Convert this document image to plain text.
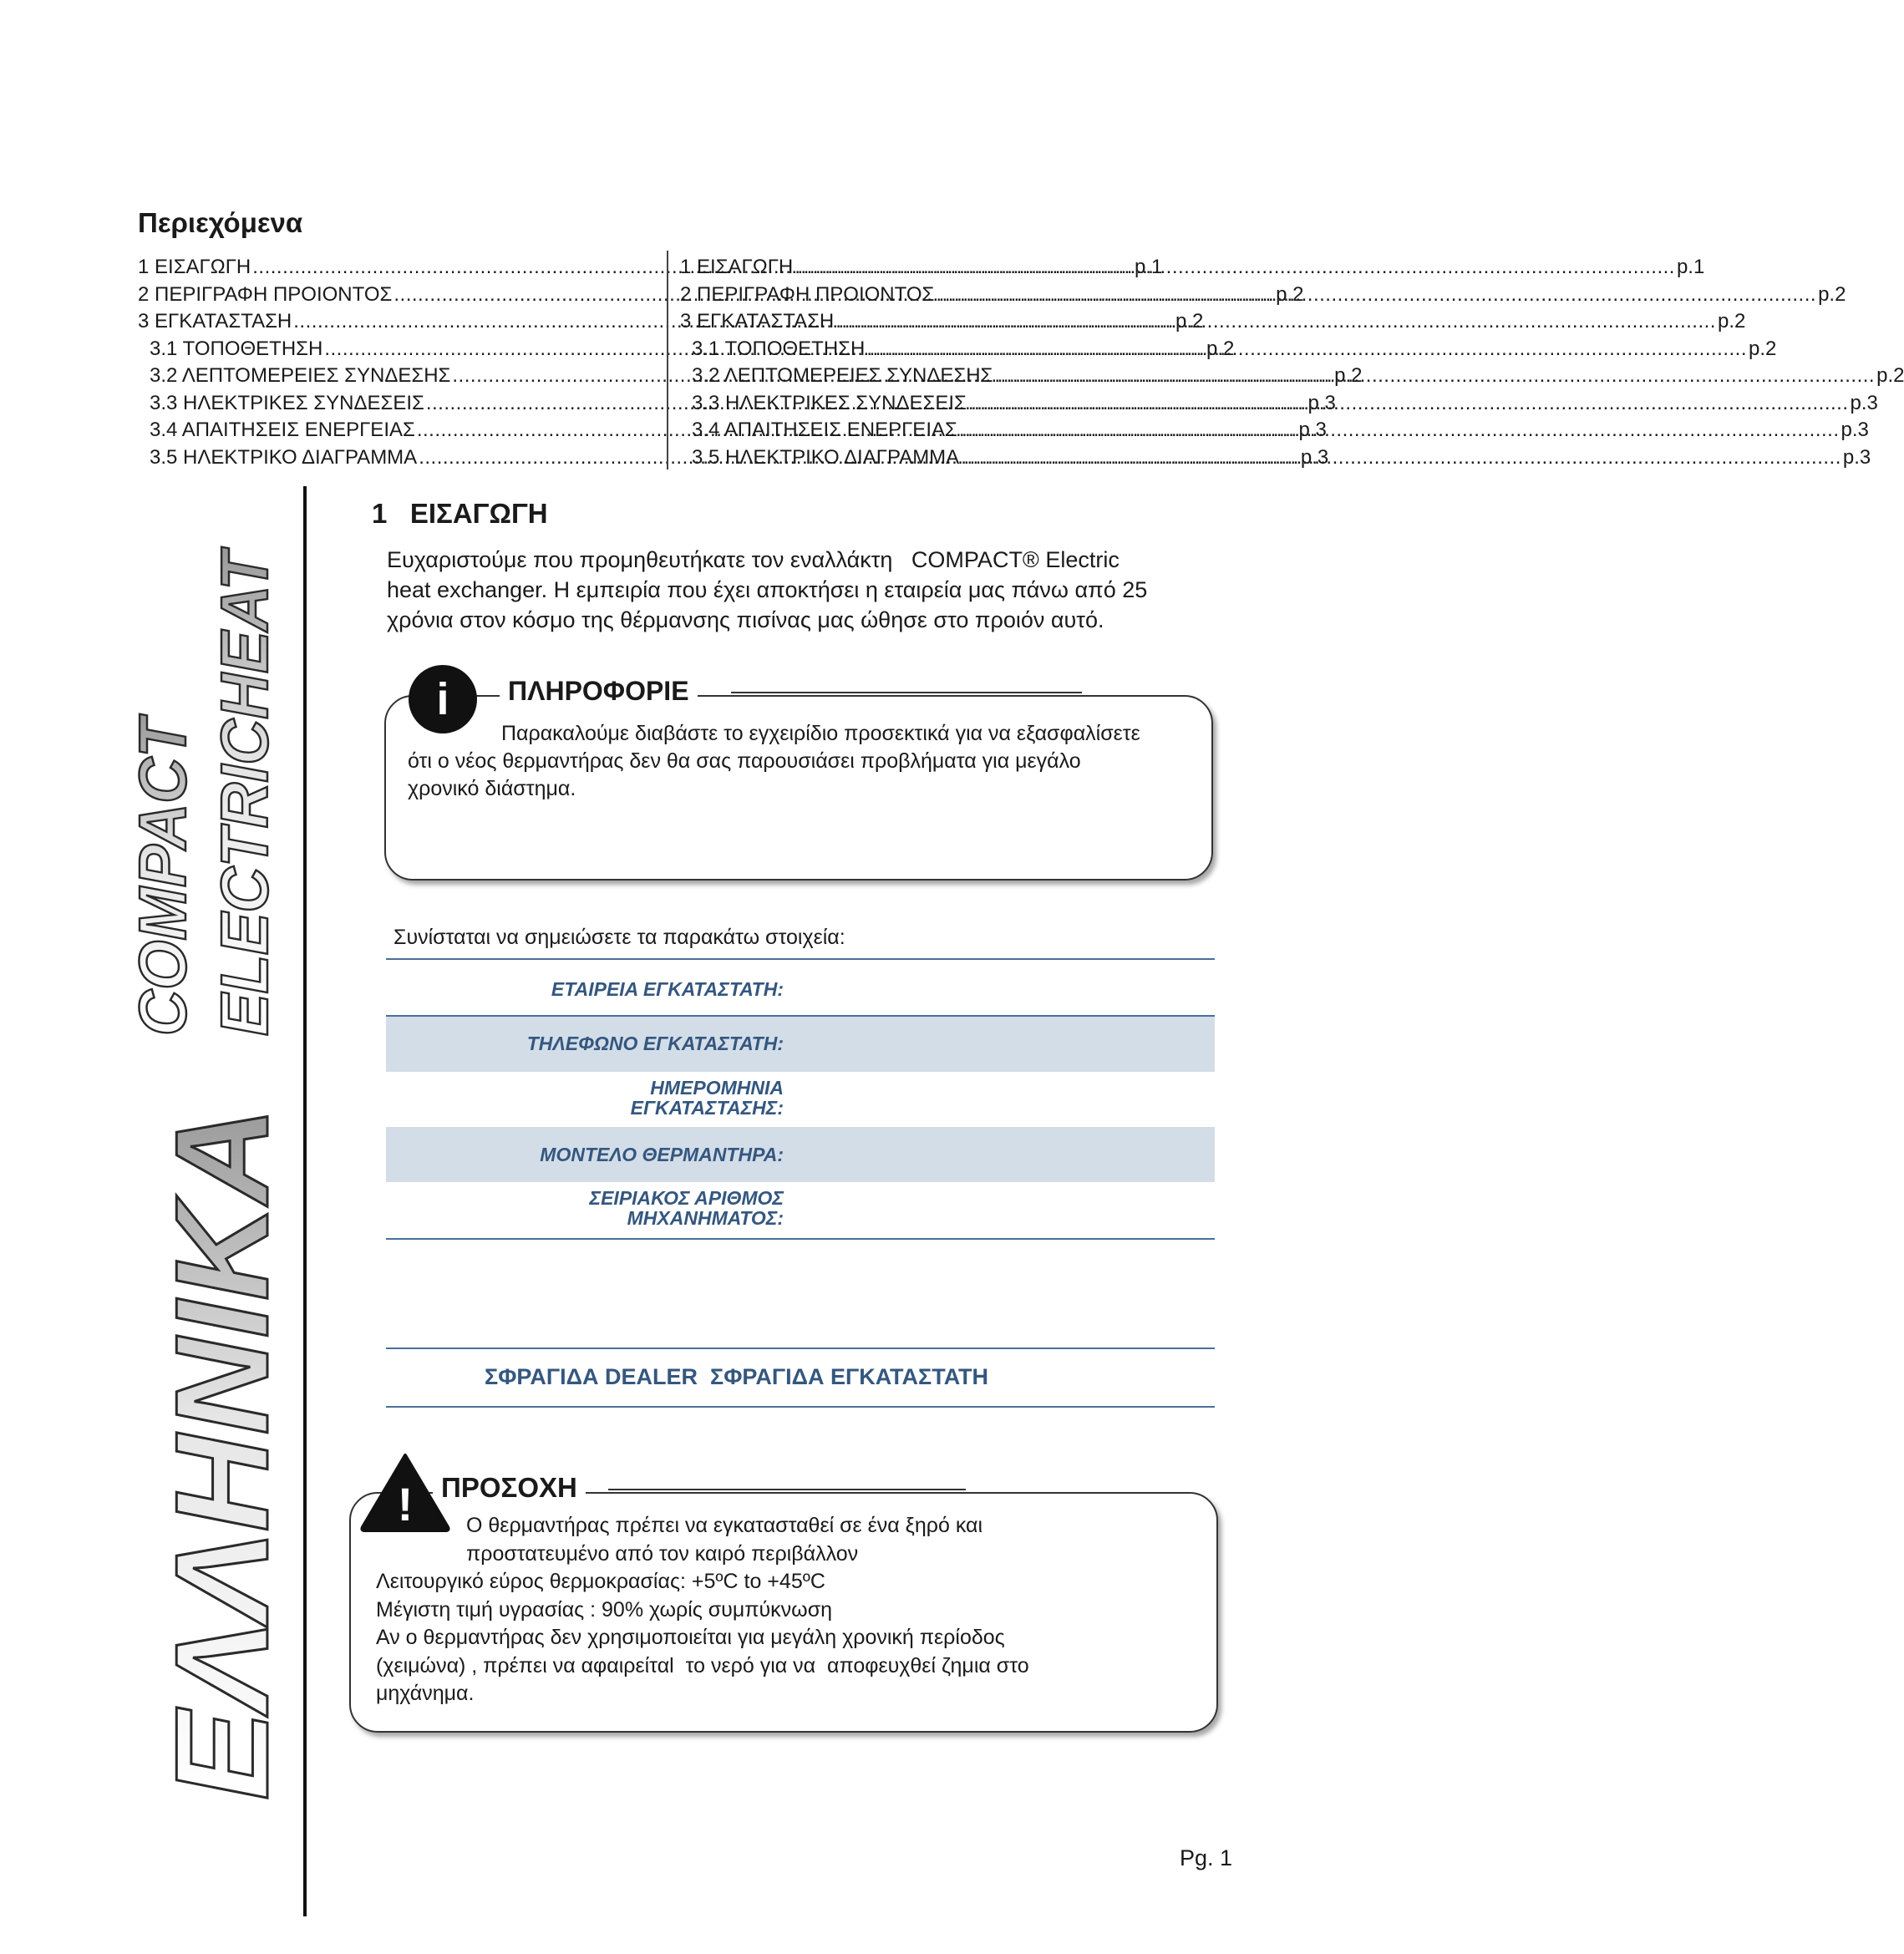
Περιεχόμενα
1 ΕΙΣΑΓΩΓΗ .....	p.1
2 ΠΕΡΙΓΡΑΦΗ ΠΡΟΙΟΝΤΟΣ .....	p.2
3 ΕΓΚΑΤΑΣΤΑΣΗ .....	p.2
3.1 ΤΟΠΟΘΕΤΗΣΗ .....	p.2
3.2 ΛΕΠΤΟΜΕΡΕΙΕΣ ΣΥΝΔΕΣΗΣ .....	p.2
3.3 ΗΛΕΚΤΡΙΚΕΣ ΣΥΝΔΕΣΕΙΣ .....	p.3
3.4 ΑΠΑΙΤΗΣΕΙΣ ΕΝΕΡΓΕΙΑΣ .....	p.3
3.5 ΗΛΕΚΤΡΙΚΟ ΔΙΑΓΡΑΜΜΑ .....	p.3
1 ΕΙΣΑΓΩΓΗ .....	p.1
2 ΠΕΡΙΓΡΑΦΗ ΠΡΟΙΟΝΤΟΣ .....	p.2
3 ΕΓΚΑΤΑΣΤΑΣΗ .....	p.2
3.1 ΤΟΠΟΘΕΤΗΣΗ .....	p.2
3.2 ΛΕΠΤΟΜΕΡΕΙΕΣ ΣΥΝΔΕΣΗΣ .....	p.2
3.3 ΗΛΕΚΤΡΙΚΕΣ ΣΥΝΔΕΣΕΙΣ .....	p.3
3.4 ΑΠΑΙΤΗΣΕΙΣ ΕΝΕΡΓΕΙΑΣ .....	p.3
3.5 ΗΛΕΚΤΡΙΚΟ ΔΙΑΓΡΑΜΜΑ .....	p.3
ΕΛΛΗΝΙΚΑ
COMPACT ELECTRICHEAT
1   ΕΙΣΑΓΩΓΗ
Ευχαριστούμε που προμηθευτήκατε τον εναλλάκτη   COMPACT® Electric
heat exchanger. Η εμπειρία που έχει αποκτήσει η εταιρεία μας πάνω από 25
χρόνια στον κόσμο της θέρμανσης πισίνας μας ώθησε στο προιόν αυτό.
ΠΛΗΡΟΦΟΡΙΕ
i
Παρακαλούμε διαβάστε το εγχειρίδιο προσεκτικά για να εξασφαλίσετε ότι ο νέος θερμαντήρας δεν θα σας παρουσιάσει προβλήματα για μεγάλο χρονικό διάστημα.
Συνίσταται να σημειώσετε τα παρακάτω στοιχεία:
ΕΤΑΙΡΕΙΑ ΕΓΚΑΤΑΣΤΑΤΗ:
ΤΗΛΕΦΩΝΟ ΕΓΚΑΤΑΣΤΑΤΗ:
ΗΜΕΡΟΜΗΝΙΑ
ΕΓΚΑΤΑΣΤΑΣΗΣ:
ΜΟΝΤΕΛΟ ΘΕΡΜΑΝΤΗΡΑ:
ΣΕΙΡΙΑΚΟΣ ΑΡΙΘΜΟΣ
ΜΗΧΑΝΗΜΑΤΟΣ:
ΣΦΡΑΓΙΔΑ DEALER  ΣΦΡΑΓΙΔΑ ΕΓΚΑΤΑΣΤΑΤΗ
ΠΡΟΣΟΧΗ
!	Ο θερμαντήρας πρέπει να εγκατασταθεί σε ένα ξηρό και
προστατευμένο από τον καιρό περιβάλλον
Λειτουργικό εύρος θερμοκρασίας: +5ºC to +45ºC
Μέγιστη τιμή υγρασίας : 90% χωρίς συμπύκνωση
Αν ο θερμαντήρας δεν χρησιμοποιείται για μεγάλη χρονική περίοδος
(χειμώνα) , πρέπει να αφαιρείταl  το νερό για να  αποφευχθεί ζημια στο
μηχάνημα.
Pg. 1
